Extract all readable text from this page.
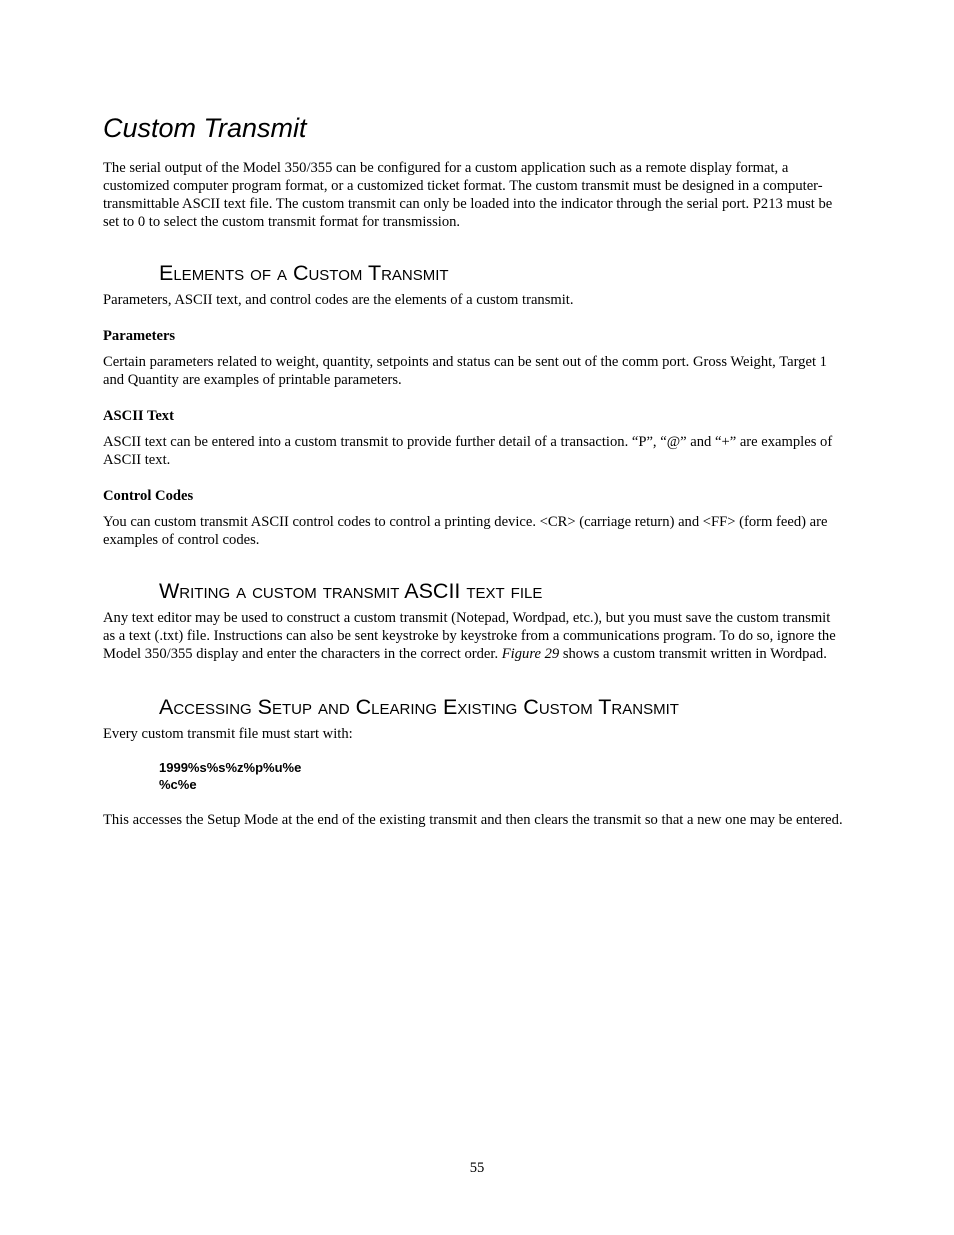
Custom Transmit

The serial output of the Model 350/355 can be configured for a custom application such as a remote display format, a customized computer program format, or a customized ticket format. The custom transmit must be designed in a computer-transmittable ASCII text file. The custom transmit can only be loaded into the indicator through the serial port. P213 must be set to 0 to select the custom transmit format for transmission.

Elements of a Custom Transmit

Parameters, ASCII text, and control codes are the elements of a custom transmit.

Parameters

Certain parameters related to weight, quantity, setpoints and status can be sent out of the comm port. Gross Weight, Target 1 and Quantity are examples of printable parameters.

ASCII Text

ASCII text can be entered into a custom transmit to provide further detail of a transaction. “P”, “@” and “+” are examples of ASCII text.

Control Codes

You can custom transmit ASCII control codes to control a printing device. <CR> (carriage return) and <FF> (form feed) are examples of control codes.

Writing a custom transmit ASCII text file

Any text editor may be used to construct a custom transmit (Notepad, Wordpad, etc.), but you must save the custom transmit as a text (.txt) file. Instructions can also be sent keystroke by keystroke from a communications program. To do so, ignore the Model 350/355 display and enter the characters in the correct order. Figure 29 shows a custom transmit written in Wordpad.

Accessing Setup and Clearing Existing Custom Transmit

Every custom transmit file must start with:

1999%s%s%z%p%u%e
%c%e

This accesses the Setup Mode at the end of the existing transmit and then clears the transmit so that a new one may be entered.

55
